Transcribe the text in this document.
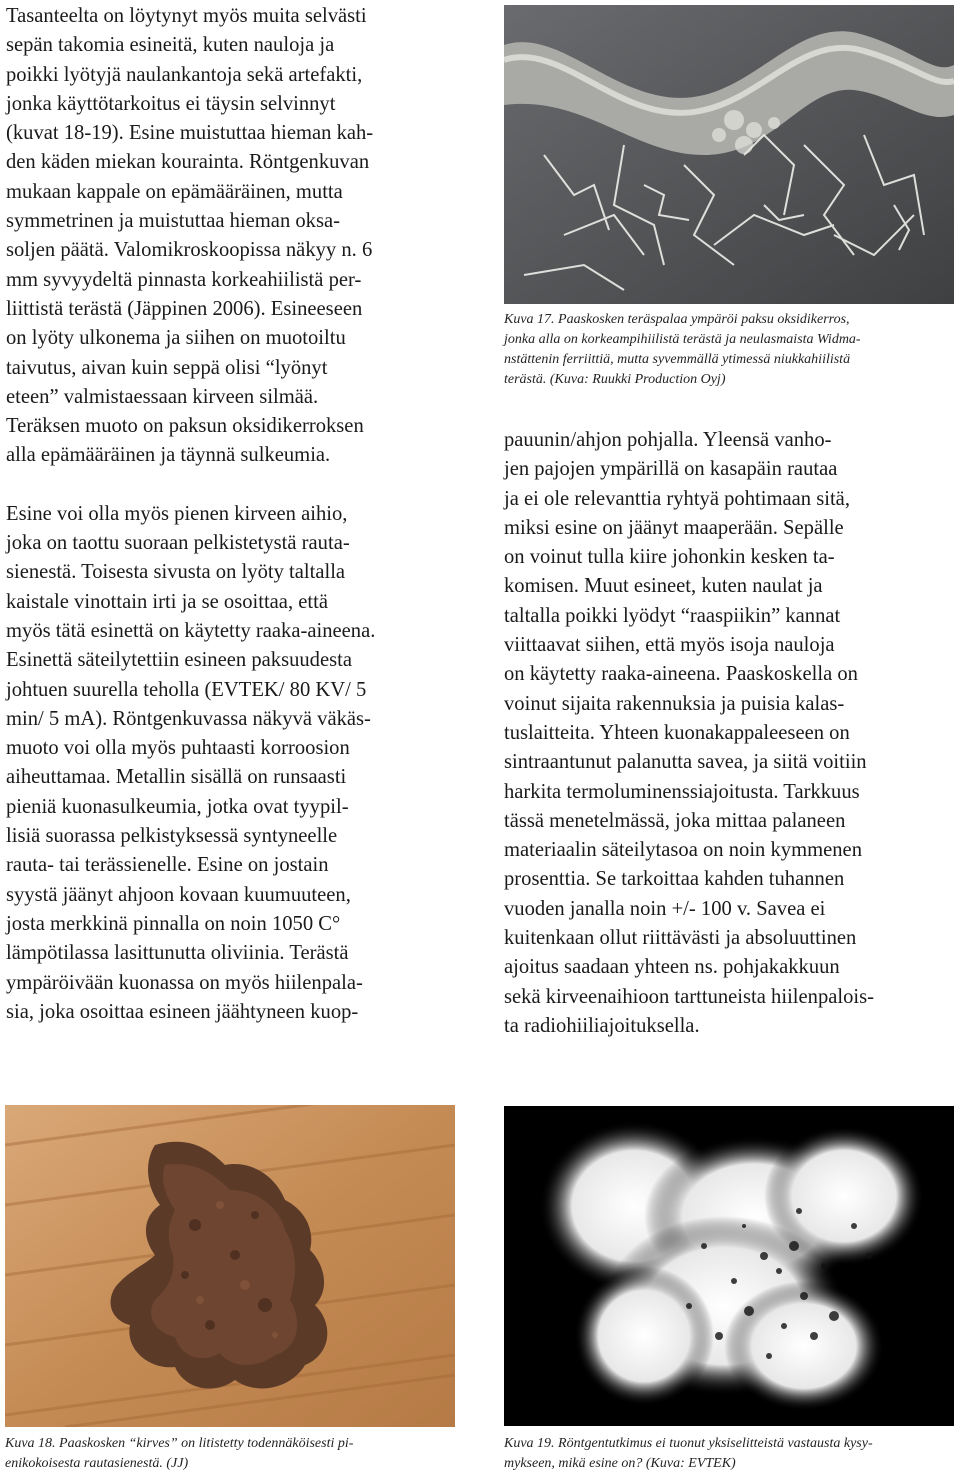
Tasanteelta on löytynyt myös muita selvästi
sepän takomia esineitä, kuten nauloja ja
poikki lyötyjä naulankantoja sekä artefakti,
jonka käyttötarkoitus ei täysin selvinnyt
(kuvat 18-19). Esine muistuttaa hieman kah-
den käden miekan kourainta. Röntgenkuvan
mukaan kappale on epämääräinen, mutta
symmetrinen ja muistuttaa hieman oksa-
soljen päätä. Valomikroskoopissa näkyy n. 6
mm syvyydeltä pinnasta korkeahiilistä per-
liittistä terästä (Jäppinen 2006). Esineeseen
on lyöty ulkonema ja siihen on muotoiltu
taivutus, aivan kuin seppä olisi “lyönyt
eteen” valmistaessaan kirveen silmää.
Teräksen muoto on paksun oksidikerroksen
alla epämääräinen ja täynnä sulkeumia.

Esine voi olla myös pienen kirveen aihio,
joka on taottu suoraan pelkistetystä rauta-
sienestä. Toisesta sivusta on lyöty taltalla
kaistale vinottain irti ja se osoittaa, että
myös tätä esinettä on käytetty raaka-aineena.
Esinettä säteilytettiin esineen paksuudesta
johtuen suurella teholla (EVTEK/ 80 KV/ 5
min/ 5 mA). Röntgenkuvassa näkyvä väkäs-
muoto voi olla myös puhtaasti korroosion
aiheuttamaa. Metallin sisällä on runsaasti
pieniä kuonasulkeumia, jotka ovat tyypil-
lisiä suorassa pelkistyksessä syntyneelle
rauta- tai terässienelle. Esine on jostain
syystä jäänyt ahjoon kovaan kuumuuteen,
josta merkkinä pinnalla on noin 1050 C°
lämpötilassa lasittunutta oliviinia. Terästä
ympäröivään kuonassa on myös hiilenpala-
sia, joka osoittaa esineen jäähtyneen kuop-

Kuva 17. Paaskosken teräspalaa ympäröi paksu oksidikerros,
jonka alla on korkeampihiilistä terästä ja neulasmaista Widma-
nstättenin ferriittiä, mutta syvemmällä ytimessä niukkahiilistä
terästä. (Kuva: Ruukki Production Oyj)

pauunin/ahjon pohjalla. Yleensä vanho-
jen pajojen ympärillä on kasapäin rautaa
ja ei ole relevanttia ryhtyä pohtimaan sitä,
miksi esine on jäänyt maaperään. Sepälle
on voinut tulla kiire johonkin kesken ta-
komisen. Muut esineet, kuten naulat ja
taltalla poikki lyödyt “raaspiikin” kannat
viittaavat siihen, että myös isoja nauloja
on käytetty raaka-aineena. Paaskoskella on
voinut sijaita rakennuksia ja puisia kalas-
tuslaitteita. Yhteen kuonakappaleeseen on
sintraantunut palanutta savea, ja siitä voitiin
harkita termoluminenssiajoitusta. Tarkkuus
tässä menetelmässä, joka mittaa palaneen
materiaalin säteilytasoa on noin kymmenen
prosenttia. Se tarkoittaa kahden tuhannen
vuoden janalla noin +/- 100 v. Savea ei
kuitenkaan ollut riittävästi ja absoluuttinen
ajoitus saadaan yhteen ns. pohjakakkuun
sekä kirveenaihioon tarttuneista hiilenpalois-
ta radiohiiliajoituksella.

Kuva 18. Paaskosken “kirves” on litistetty todennäköisesti pi-
enikokoisesta rautasienestä. (JJ)
Kuva 19. Röntgentutkimus ei tuonut yksiselitteistä vastausta kysy-
mykseen, mikä esine on? (Kuva: EVTEK)
